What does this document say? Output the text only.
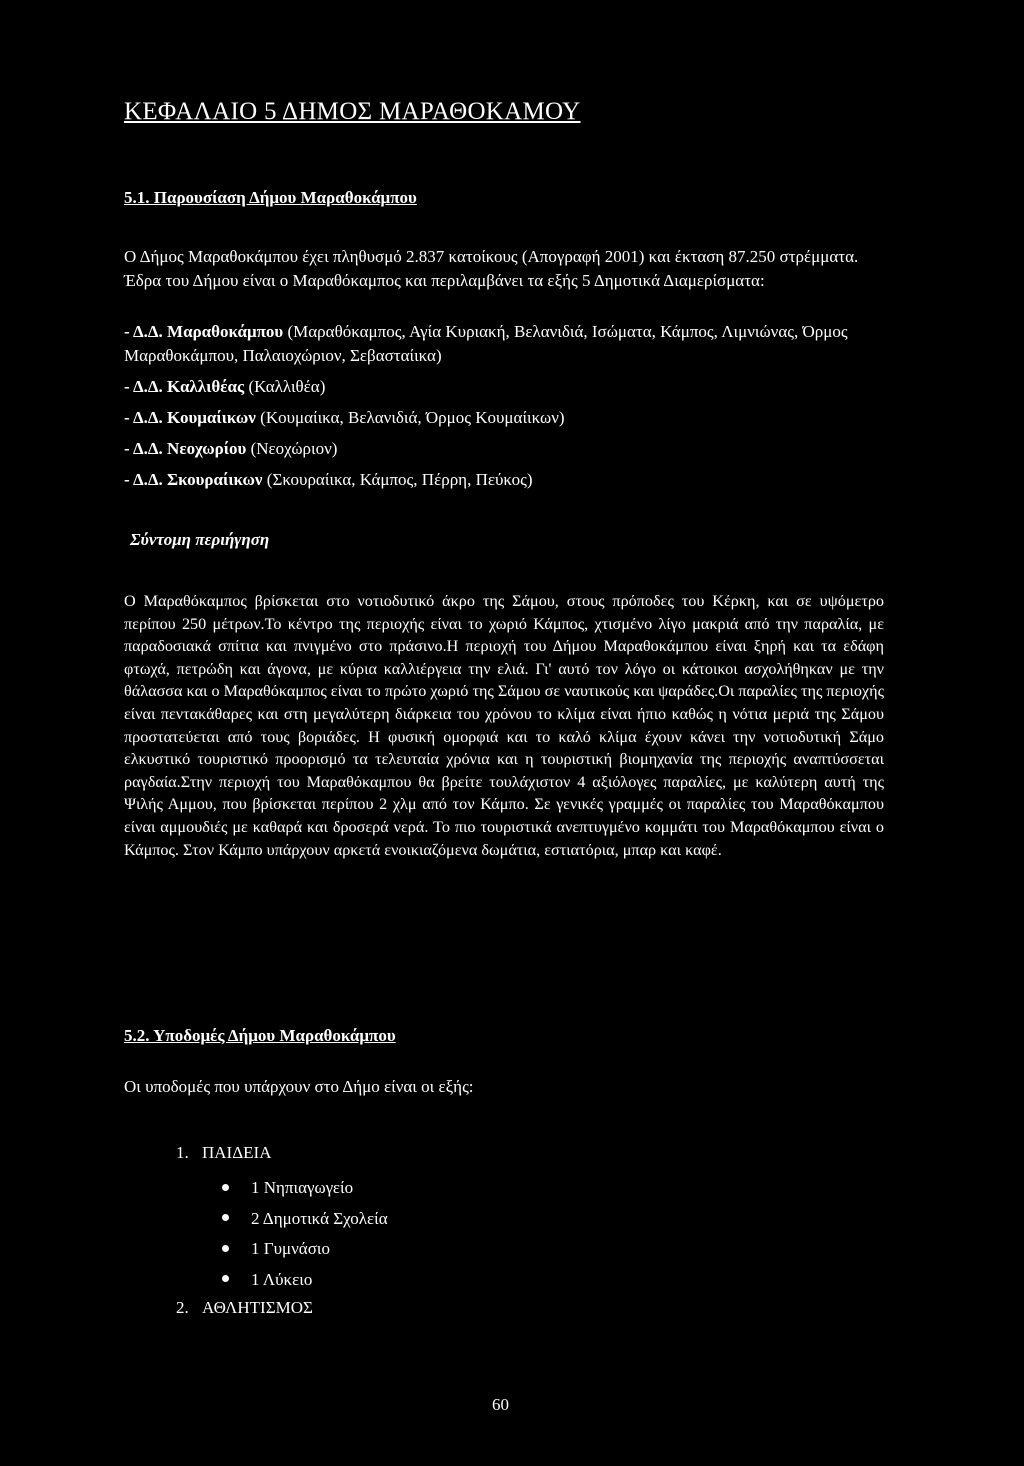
ΚΕΦΑΛΑΙΟ 5 ΔΗΜΟΣ ΜΑΡΑΘΟΚΑΜΟΥ
5.1. Παρουσίαση Δήμου Μαραθοκάμπου
Ο Δήμος Μαραθοκάμπου έχει πληθυσμό 2.837 κατοίκους (Απογραφή 2001) και έκταση 87.250 στρέμματα. Έδρα του Δήμου είναι ο Μαραθόκαμπος και περιλαμβάνει τα εξής 5 Δημοτικά Διαμερίσματα:
- Δ.Δ. Μαραθοκάμπου (Μαραθόκαμπος, Αγία Κυριακή, Βελανιδιά, Ισώματα, Κάμπος, Λιμνιώνας, Όρμος Μαραθοκάμπου, Παλαιοχώριον, Σεβασταίικα)
- Δ.Δ. Καλλιθέας (Καλλιθέα)
- Δ.Δ. Κουμαίικων (Κουμαίικα, Βελανιδιά, Όρμος Κουμαίικων)
- Δ.Δ. Νεοχωρίου (Νεοχώριον)
- Δ.Δ. Σκουραίικων (Σκουραίικα, Κάμπος, Πέρρη, Πεύκος)
Σύντομη περιήγηση
Ο Μαραθόκαμπος βρίσκεται στο νοτιοδυτικό άκρο της Σάμου, στους πρόποδες του Κέρκη, και σε υψόμετρο περίπου 250 μέτρων.Το κέντρο της περιοχής είναι το χωριό Κάμπος, χτισμένο λίγο μακριά από την παραλία, με παραδοσιακά σπίτια και πνιγμένο στο πράσινο.Η περιοχή του Δήμου Μαραθοκάμπου είναι ξηρή και τα εδάφη φτωχά, πετρώδη και άγονα, με κύρια καλλιέργεια την ελιά. Γι' αυτό τον λόγο οι κάτοικοι ασχολήθηκαν με την θάλασσα και ο Μαραθόκαμπος είναι το πρώτο χωριό της Σάμου σε ναυτικούς και ψαράδες.Οι παραλίες της περιοχής είναι πεντακάθαρες και στη μεγαλύτερη διάρκεια του χρόνου το κλίμα είναι ήπιο καθώς η νότια μεριά της Σάμου προστατεύεται από τους βοριάδες. Η φυσική ομορφιά και το καλό κλίμα έχουν κάνει την νοτιοδυτική Σάμο ελκυστικό τουριστικό προορισμό τα τελευταία χρόνια και η τουριστική βιομηχανία της περιοχής αναπτύσσεται ραγδαία.Στην περιοχή του Μαραθόκαμπου θα βρείτε τουλάχιστον 4 αξιόλογες παραλίες, με καλύτερη αυτή της Ψιλής Αμμου, που βρίσκεται περίπου 2 χλμ από τον Κάμπο. Σε γενικές γραμμές οι παραλίες του Μαραθόκαμπου είναι αμμουδιές με καθαρά και δροσερά νερά. Το πιο τουριστικά ανεπτυγμένο κομμάτι του Μαραθόκαμπου είναι ο Κάμπος. Στον Κάμπο υπάρχουν αρκετά ενοικιαζόμενα δωμάτια, εστιατόρια, μπαρ και καφέ.
5.2. Υποδομές Δήμου Μαραθοκάμπου
Οι υποδομές που υπάρχουν στο Δήμο είναι οι εξής:
1. ΠΑΙΔΕΙΑ
1 Νηπιαγωγείο
2 Δημοτικά Σχολεία
1 Γυμνάσιο
1 Λύκειο
2. ΑΘΛΗΤΙΣΜΟΣ
60
